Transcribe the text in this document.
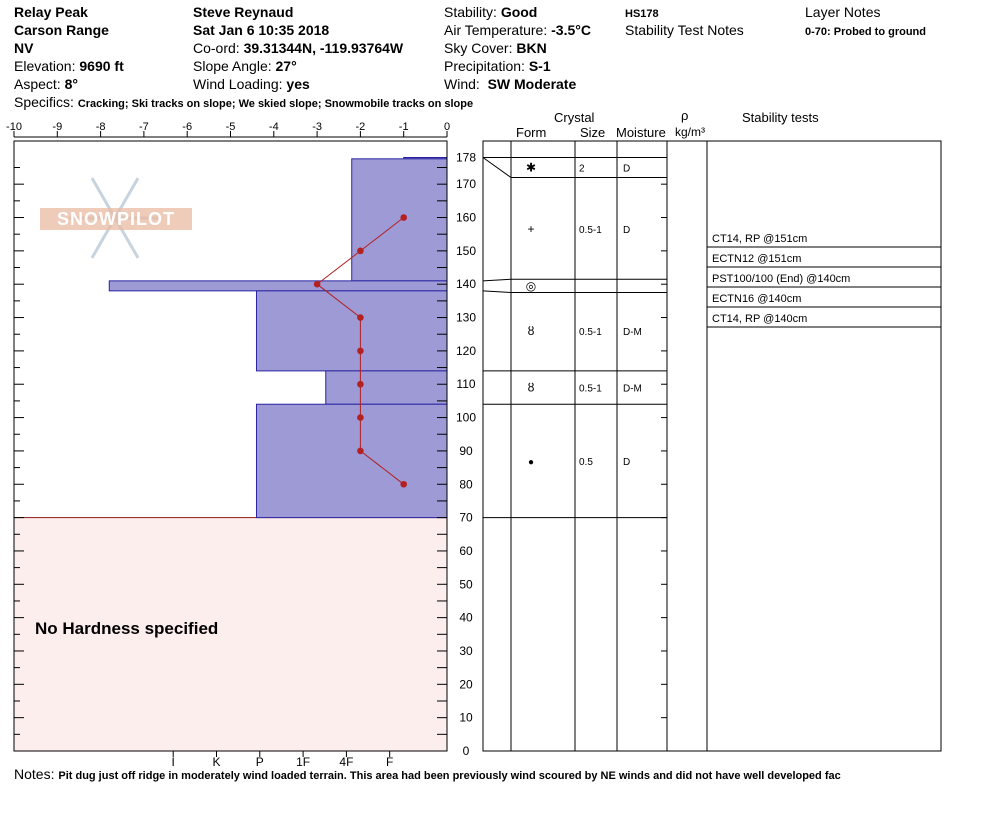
Relay Peak
Carson Range
NV
Elevation: 9690 ft
Aspect: 8°
Steve Reynaud
Sat Jan 6 10:35 2018
Co-ord: 39.31344N, -119.93764W
Slope Angle: 27°
Wind Loading: yes
Stability: Good
Air Temperature: -3.5°C
Sky Cover: BKN
Precipitation: S-1
Wind: SW Moderate
HS178
Stability Test Notes
Layer Notes
0-70: Probed to ground
Specifics: Cracking; Ski tracks on slope; We skied slope; Snowmobile tracks on slope
Crystal
Form	Size Moisture
ρ
kg/m³
Stability tests
SNOWPILOT
-10	-9	-8	-7	-6	-5	-4	-3	-2	-1	0
I	K	P	1F 4F	F
0
10
20
30
40
50
60
70
80
90
100
110
120
130
140
150
160
170
178
✱	2	D
+	0.5-1 D
◎
ȣ	0.5-1 D-M
ȣ	0.5-1 D-M
●	0.5	D
CT14, RP @151cm
ECTN12 @151cm
PST100/100 (End) @140cm
ECTN16 @140cm
CT14, RP @140cm
No Hardness specified
Notes: Pit dug just off ridge in moderately wind loaded terrain. This area had been previously wind scoured by NE winds and did not have well developed fac
